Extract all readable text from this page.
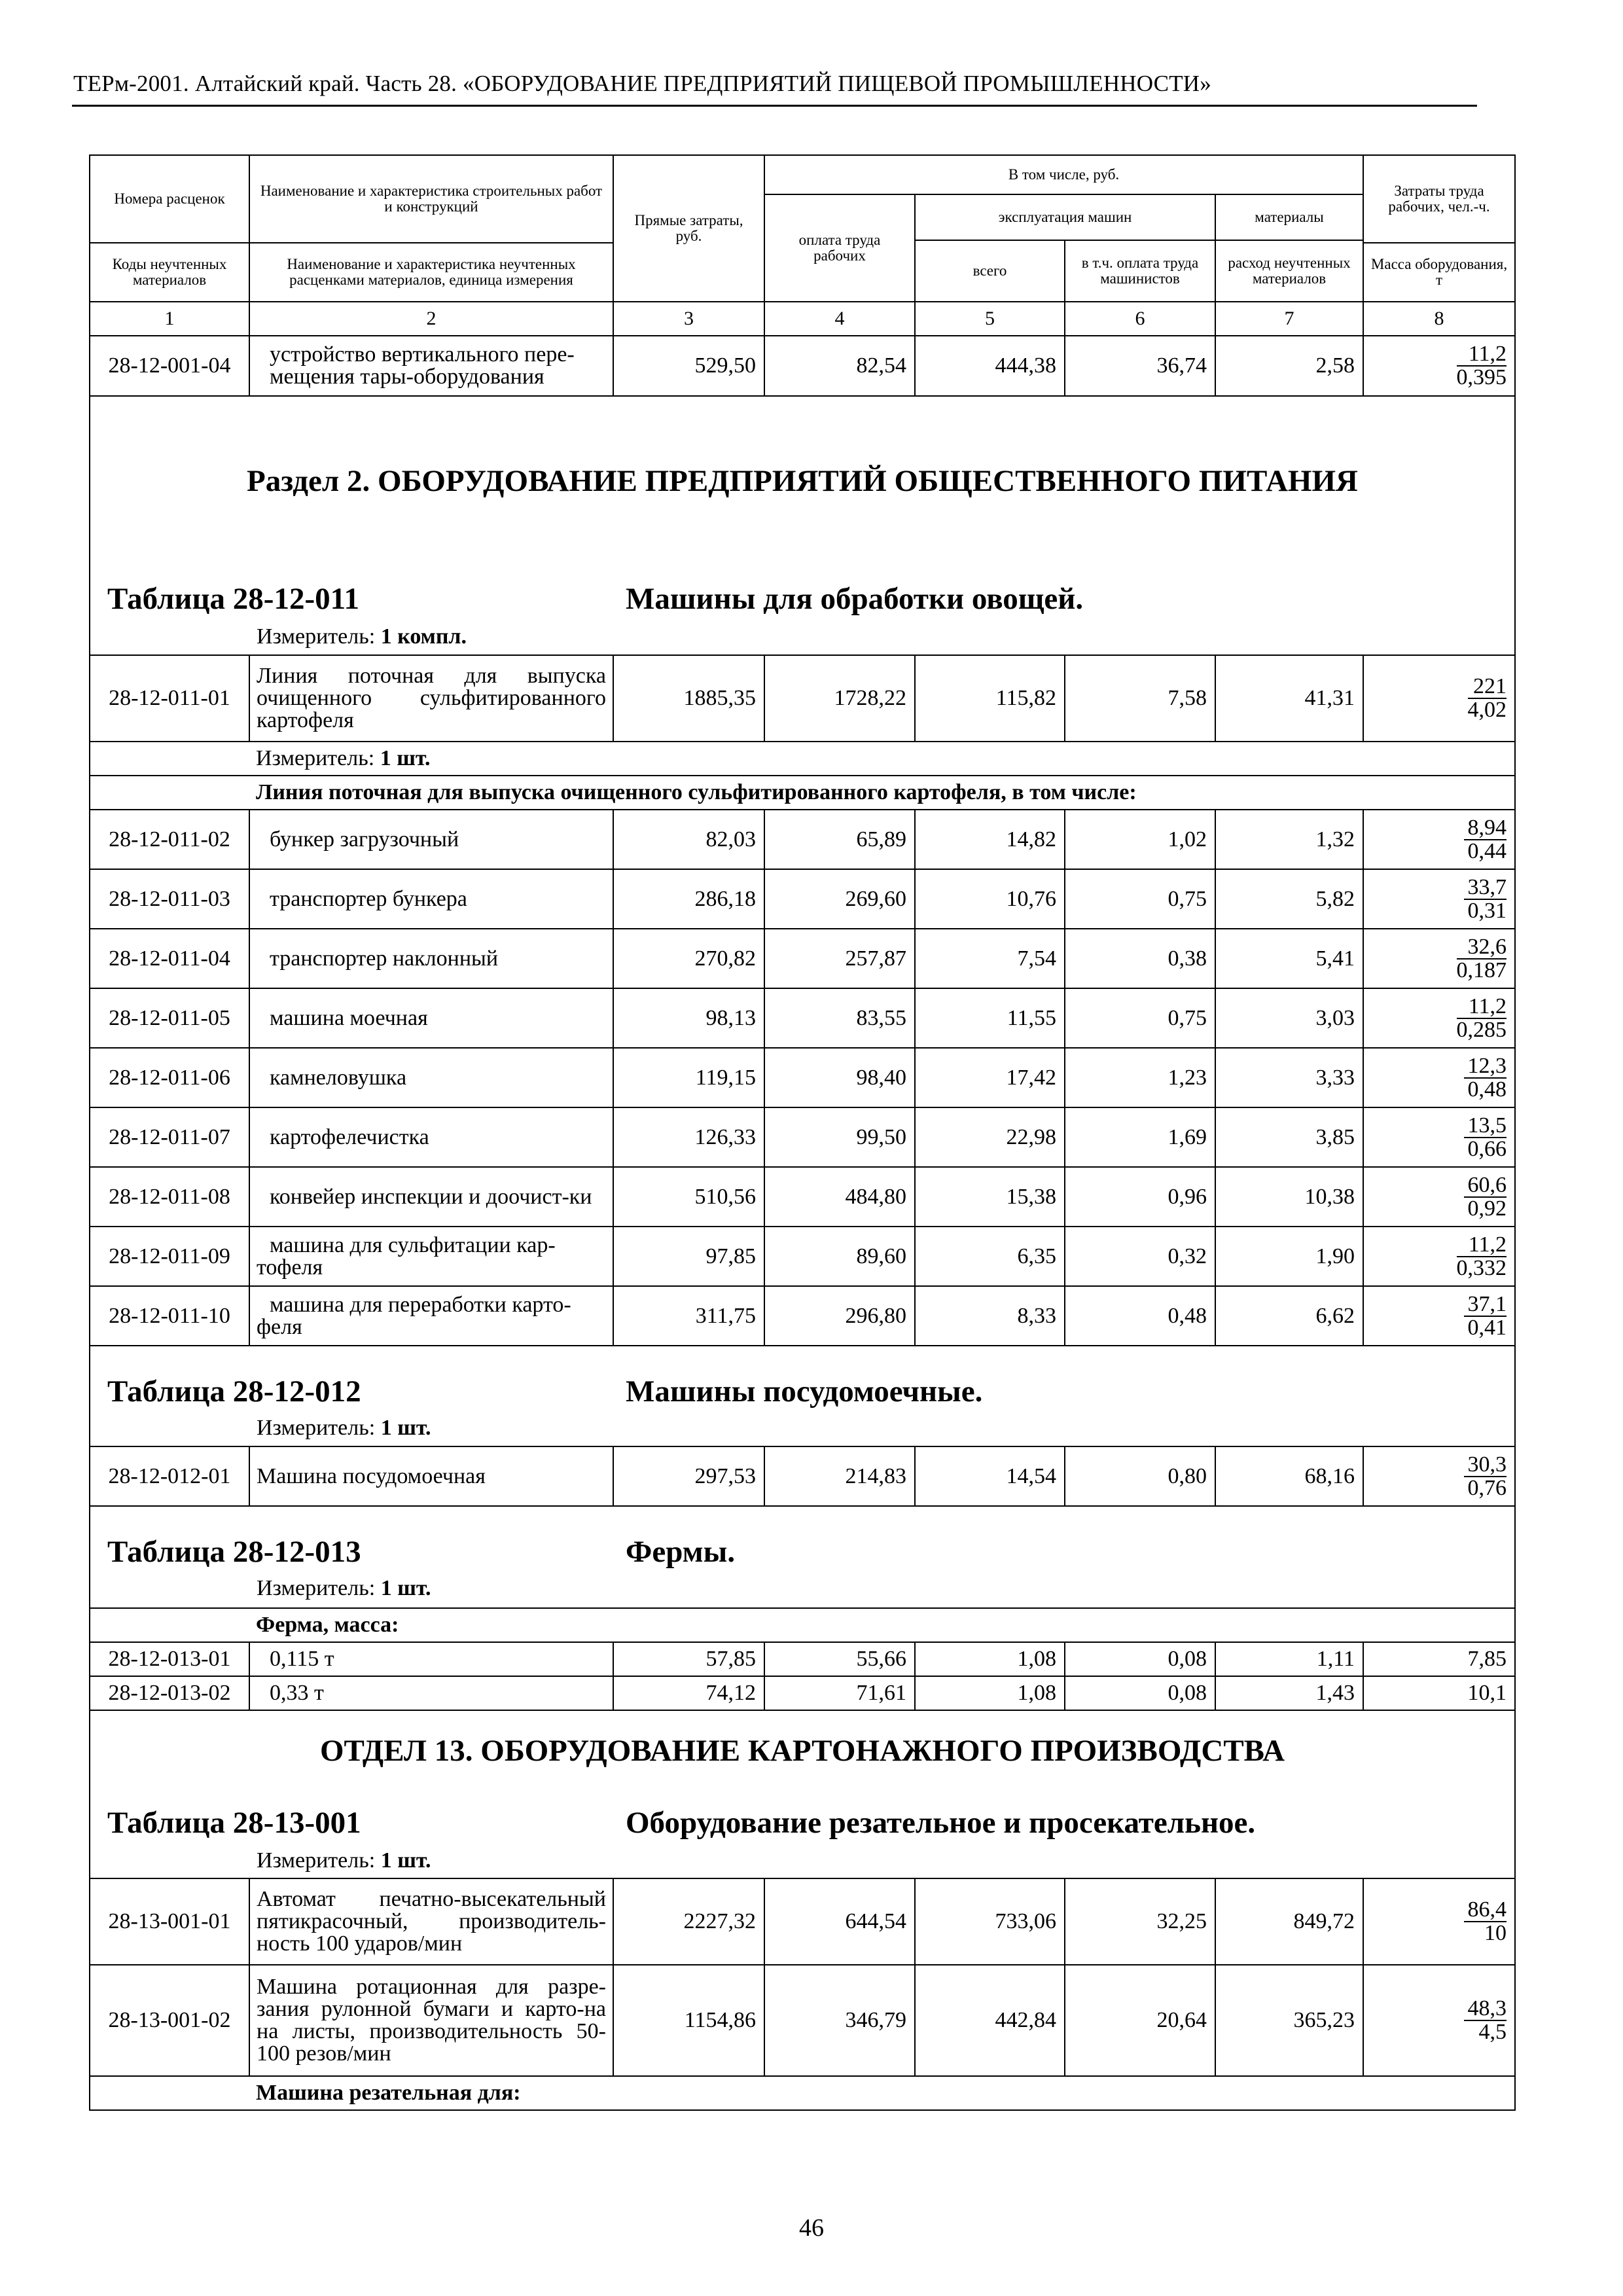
ТЕРм-2001. Алтайский край. Часть 28. «ОБОРУДОВАНИЕ ПРЕДПРИЯТИЙ ПИЩЕВОЙ ПРОМЫШЛЕННОСТИ»
Номера расценок	Наименование и характеристика строительных работ и конструкций	Прямые затраты, руб.	В том числе, руб.				Затраты труда рабочих, чел.-ч.
			оплата труда рабочих	эксплуатация машин		материалы	
				всего	в т.ч. оплата труда машинистов	расход неучтенных материалов	
Коды неучтенных материалов	Наименование и характеристика неучтенных расценками материалов, единица измерения						Масса оборудования, т
1	2	3	4	5	6	7	8
28-12-001-04	устройство вертикального пере-мещения тары-оборудования	529,50	82,54	444,38	36,74	2,58	$\frac{11,2}{0,395}$

Раздел 2. ОБОРУДОВАНИЕ ПРЕДПРИЯТИЙ ОБЩЕСТВЕННОГО ПИТАНИЯ
Таблица 28-12-011 Машины для обработки овощей.
Измеритель: 1 компл.							

28-12-011-01	Линия поточная для выпуска очищенного сульфитированного картофеля	1885,35	1728,22	115,82	7,58	41,31	$\frac{221}{4,02}$

	Измеритель: 1 шт.						
	Линия поточная для выпуска очищенного сульфитированного картофеля, в том числе:						
28-12-011-02	бункер загрузочный	82,03	65,89	14,82	1,02	1,32	$\frac{8,94}{0,44}$

28-12-011-03	транспортер бункера	286,18	269,60	10,76	0,75	5,82	$\frac{33,7}{0,31}$

28-12-011-04	транспортер наклонный	270,82	257,87	7,54	0,38	5,41	$\frac{32,6}{0,187}$

28-12-011-05	машина моечная	98,13	83,55	11,55	0,75	3,03	$\frac{11,2}{0,285}$

28-12-011-06	камнеловушка	119,15	98,40	17,42	1,23	3,33	$\frac{12,3}{0,48}$

28-12-011-07	картофелечистка	126,33	99,50	22,98	1,69	3,85	$\frac{13,5}{0,66}$

28-12-011-08	конвейер инспекции и доочист-ки	510,56	484,80	15,38	0,96	10,38	$\frac{60,6}{0,92}$

28-12-011-09	машина для сульфитации кар-тофеля	97,85	89,60	6,35	0,32	1,90	$\frac{11,2}{0,332}$

28-12-011-10	машина для переработки карто-феля	311,75	296,80	8,33	0,48	6,62	$\frac{37,1}{0,41}$

Таблица 28-12-012 Машины посудомоечные.
Измеритель: 1 шт.							

28-12-012-01	Машина посудомоечная	297,53	214,83	14,54	0,80	68,16	$\frac{30,3}{0,76}$

Таблица 28-12-013 Фермы.
Измеритель: 1 шт.							

	Ферма, масса:						
28-12-013-01	0,115 т	57,85	55,66	1,08	0,08	1,11	7,85
28-12-013-02	0,33 т	74,12	71,61	1,08	0,08	1,43	10,1

ОТДЕЛ 13. ОБОРУДОВАНИЕ КАРТОНАЖНОГО ПРОИЗВОДСТВА
Таблица 28-13-001 Оборудование резательное и просекательное.
Измеритель: 1 шт.							

28-13-001-01	Автомат печатно-высекательный пятикрасочный, производитель-ность 100 ударов/мин	2227,32	644,54	733,06	32,25	849,72	$\frac{86,4}{10}$

28-13-001-02	Машина ротационная для разре-зания рулонной бумаги и карто-на на листы, производительность 50-100 резов/мин	1154,86	346,79	442,84	20,64	365,23	$\frac{48,3}{4,5}$

	Машина резательная для:						
46
